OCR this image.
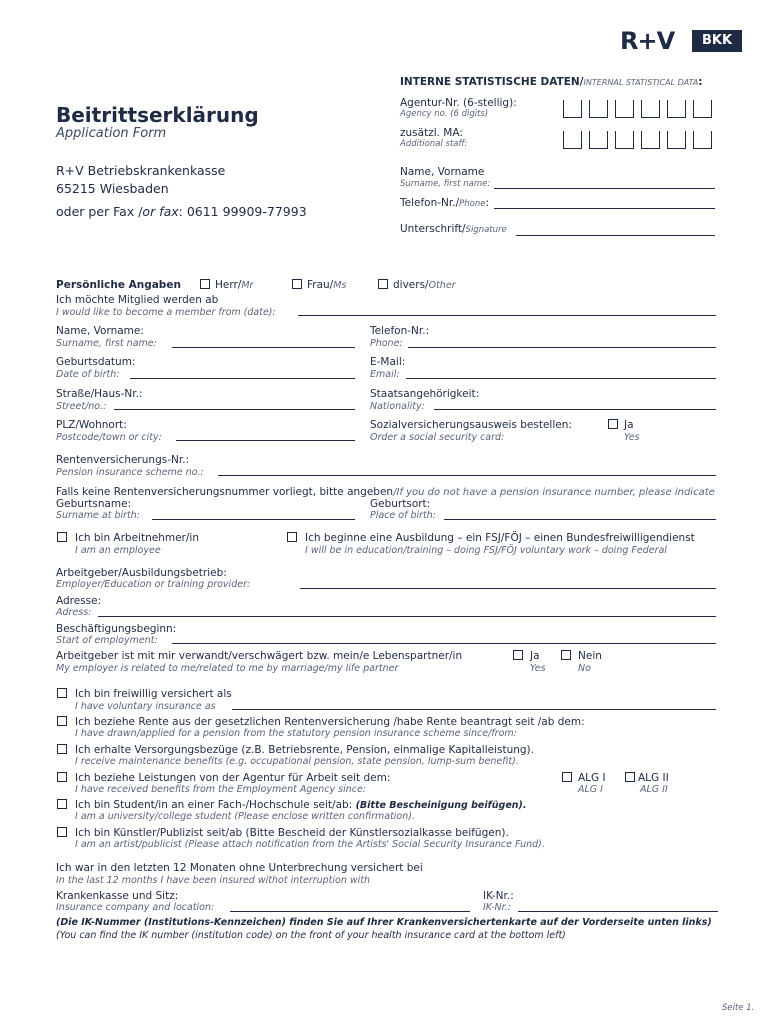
R+V	BKK
INTERNE STATISTISCHE DATEN/INTERNAL STATISTICAL DATA:
Agentur-Nr. (6-stellig):
Agency no. (6 digits)
zusätzl. MA:
Additional staff:
Name, Vorname
Surname, first name:
Telefon-Nr./Phone:
Unterschrift/Signature
Beitrittserklärung
Application Form
R+V Betriebskrankenkasse
65215 Wiesbaden
oder per Fax /or fax: 0611 99909-77993
Persönliche Angaben	Herr/Mr	Frau/Ms	divers/Other
Ich möchte Mitglied werden ab
I would like to become a member from (date):
Name, Vorname:
Surname, first name:
Telefon-Nr.:
Phone:
Geburtsdatum:
Date of birth:
E-Mail:
Email:
Straße/Haus-Nr.:
Street/no.:
Staatsangehörigkeit:
Nationality:
PLZ/Wohnort:
Postcode/town or city:
Sozialversicherungsausweis bestellen:
Order a social security card:
Ja
Yes
Rentenversicherungs-Nr.:
Pension insurance scheme no.:
Falls keine Rentenversicherungsnummer vorliegt, bitte angeben/If you do not have a pension insurance number, please indicate
Geburtsname:
Surname at birth:
Geburtsort:
Place of birth:
Ich bin Arbeitnehmer/in
I am an employee
Ich beginne eine Ausbildung – ein FSJ/FÖJ – einen Bundesfreiwilligendienst
I will be in education/training – doing FSJ/FÖJ voluntary work – doing Federal
Arbeitgeber/Ausbildungsbetrieb:
Employer/Education or training provider:
Adresse:
Adress:
Beschäftigungsbeginn:
Start of employment:
Arbeitgeber ist mit mir verwandt/verschwägert bzw. mein/e Lebenspartner/in
My employer is related to me/related to me by marriage/my life partner
Ja
Yes
Nein
No
Ich bin freiwillig versichert als
I have voluntary insurance as
Ich beziehe Rente aus der gesetzlichen Rentenversicherung /habe Rente beantragt seit /ab dem:
I have drawn/applied for a pension from the statutory pension insurance scheme since/from:
Ich erhalte Versorgungsbezüge (z.B. Betriebsrente, Pension, einmalige Kapitalleistung).
I receive maintenance benefits (e.g. occupational pension, state pension, lump-sum benefit).
Ich beziehe Leistungen von der Agentur für Arbeit seit dem:
I have received benefits from the Employment Agency since:
ALG I
ALG I
ALG II
ALG II
Ich bin Student/in an einer Fach-/Hochschule seit/ab: (Bitte Bescheinigung beifügen).
I am a university/college student (Please enclose written confirmation).
Ich bin Künstler/Publizist seit/ab (Bitte Bescheid der Künstlersozialkasse beifügen).
I am an artist/publicist (Please attach notification from the Artists' Social Security Insurance Fund).
Ich war in den letzten 12 Monaten ohne Unterbrechung versichert bei
In the last 12 months I have been insured withot interruption with
Krankenkasse und Sitz:
Insurance company and location:
IK-Nr.:
IK-Nr.:
(Die IK-Nummer (Institutions-Kennzeichen) finden Sie auf Ihrer Krankenversichertenkarte auf der Vorderseite unten links)
(You can find the IK number (institution code) on the front of your health insurance card at the bottom left)
Seite 1.
